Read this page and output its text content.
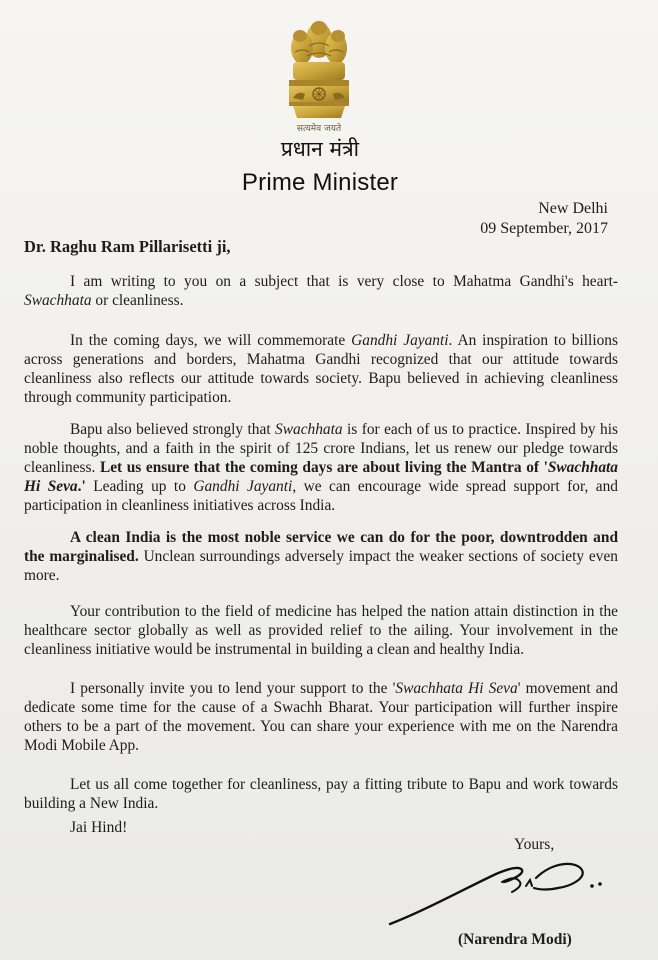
सत्यमेव जयते
प्रधान मंत्री
Prime Minister
New Delhi
09 September, 2017
Dr. Raghu Ram Pillarisetti ji,

I am writing to you on a subject that is very close to Mahatma Gandhi's heart- Swachhata or cleanliness.

In the coming days, we will commemorate Gandhi Jayanti. An inspiration to billions across generations and borders, Mahatma Gandhi recognized that our attitude towards cleanliness also reflects our attitude towards society. Bapu believed in achieving cleanliness through community participation.

Bapu also believed strongly that Swachhata is for each of us to practice. Inspired by his noble thoughts, and a faith in the spirit of 125 crore Indians, let us renew our pledge towards cleanliness. Let us ensure that the coming days are about living the Mantra of 'Swachhata Hi Seva.' Leading up to Gandhi Jayanti, we can encourage wide spread support for, and participation in cleanliness initiatives across India.

A clean India is the most noble service we can do for the poor, downtrodden and the marginalised. Unclean surroundings adversely impact the weaker sections of society even more.

Your contribution to the field of medicine has helped the nation attain distinction in the healthcare sector globally as well as provided relief to the ailing. Your involvement in the cleanliness initiative would be instrumental in building a clean and healthy India.

I personally invite you to lend your support to the 'Swachhata Hi Seva' movement and dedicate some time for the cause of a Swachh Bharat. Your participation will further inspire others to be a part of the movement. You can share your experience with me on the Narendra Modi Mobile App.

Let us all come together for cleanliness, pay a fitting tribute to Bapu and work towards building a New India.

Jai Hind!
Yours,
(Narendra Modi)
